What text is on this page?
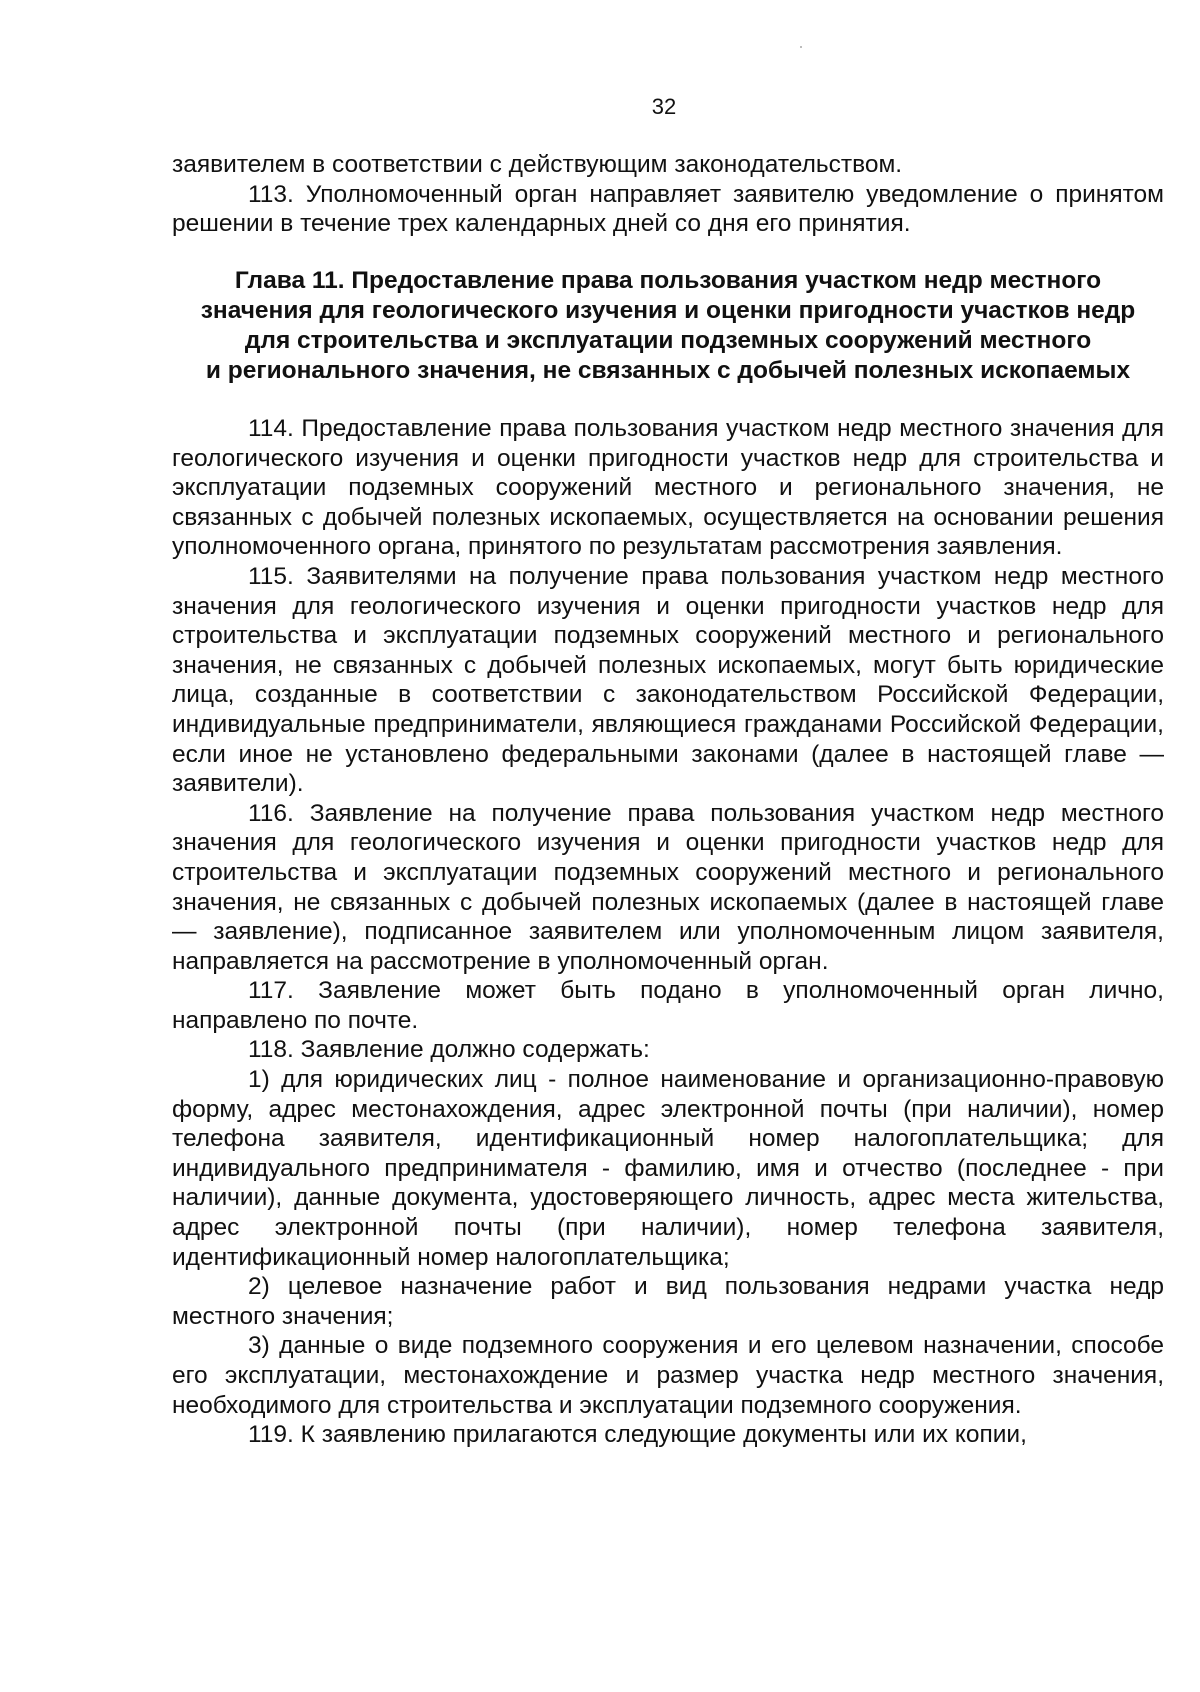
32

заявителем в соответствии с действующим законодательством.

113. Уполномоченный орган направляет заявителю уведомление о принятом решении в течение трех календарных дней со дня его принятия.

Глава 11. Предоставление права пользования участком недр местного
значения для геологического изучения и оценки пригодности участков недр
для строительства и эксплуатации подземных сооружений местного
и регионального значения, не связанных с добычей полезных ископаемых

114. Предоставление права пользования участком недр местного значения для геологического изучения и оценки пригодности участков недр для строительства и эксплуатации подземных сооружений местного и регионального значения, не связанных с добычей полезных ископаемых, осуществляется на основании решения уполномоченного органа, принятого по результатам рассмотрения заявления.

115. Заявителями на получение права пользования участком недр местного значения для геологического изучения и оценки пригодности участков недр для строительства и эксплуатации подземных сооружений местного и регионального значения, не связанных с добычей полезных ископаемых, могут быть юридические лица, созданные в соответствии с законодательством Российской Федерации, индивидуальные предприниматели, являющиеся гражданами Российской Федерации, если иное не установлено федеральными законами (далее в настоящей главе — заявители).

116. Заявление на получение права пользования участком недр местного значения для геологического изучения и оценки пригодности участков недр для строительства и эксплуатации подземных сооружений местного и регионального значения, не связанных с добычей полезных ископаемых (далее в настоящей главе — заявление), подписанное заявителем или уполномоченным лицом заявителя, направляется на рассмотрение в уполномоченный орган.

117. Заявление может быть подано в уполномоченный орган лично, направлено по почте.

118. Заявление должно содержать:

1) для юридических лиц - полное наименование и организационно-правовую форму, адрес местонахождения, адрес электронной почты (при наличии), номер телефона заявителя, идентификационный номер налогоплательщика; для индивидуального предпринимателя - фамилию, имя и отчество (последнее - при наличии), данные документа, удостоверяющего личность, адрес места жительства, адрес электронной почты (при наличии), номер телефона заявителя, идентификационный номер налогоплательщика;

2) целевое назначение работ и вид пользования недрами участка недр местного значения;

3) данные о виде подземного сооружения и его целевом назначении, способе его эксплуатации, местонахождение и размер участка недр местного значения, необходимого для строительства и эксплуатации подземного сооружения.

119. К заявлению прилагаются следующие документы или их копии,
